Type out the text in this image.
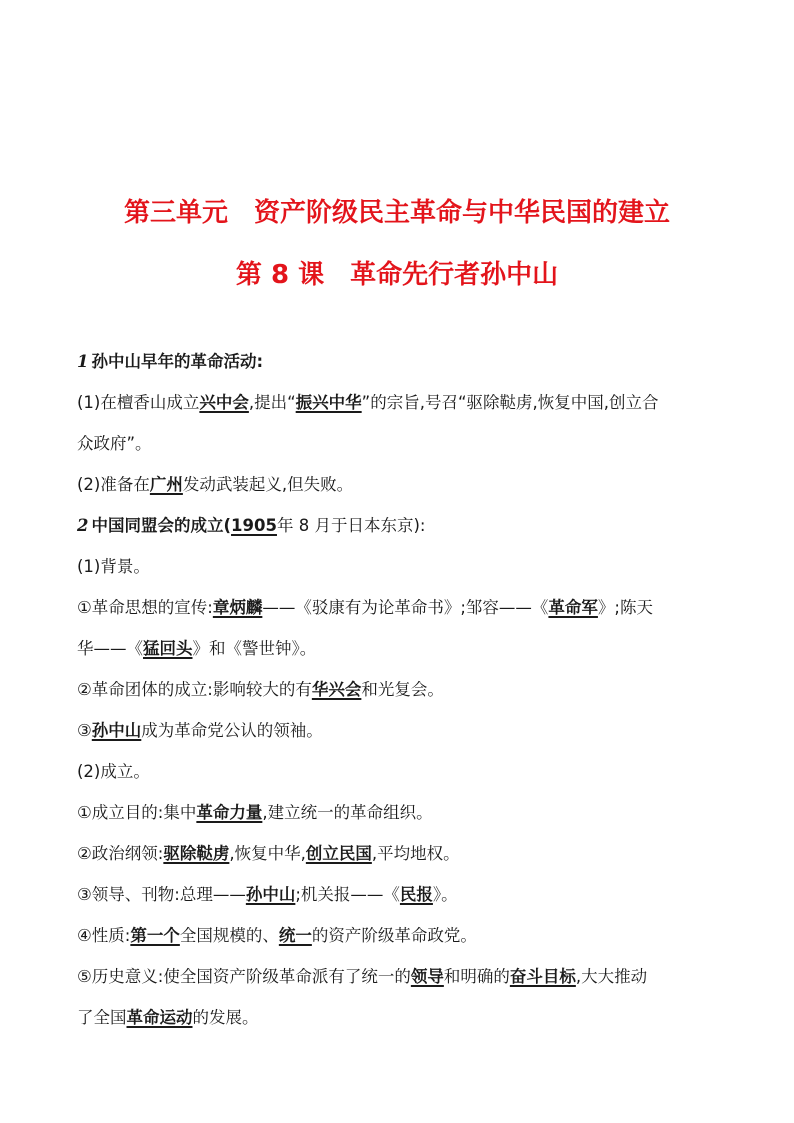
第三单元　资产阶级民主革命与中华民国的建立
第 8 课　革命先行者孙中山
1 孙中山早年的革命活动:
(1)在檀香山成立兴中会,提出“振兴中华”的宗旨,号召“驱除鞑虏,恢复中国,创立合
众政府”。
(2)准备在广州发动武装起义,但失败。
2 中国同盟会的成立(1905年 8 月于日本东京):
(1)背景。
①革命思想的宣传:章炳麟——《驳康有为论革命书》;邹容——《革命军》;陈天
华——《猛回头》和《警世钟》。
②革命团体的成立:影响较大的有华兴会和光复会。
③孙中山成为革命党公认的领袖。
(2)成立。
①成立目的:集中革命力量,建立统一的革命组织。
②政治纲领:驱除鞑虏,恢复中华,创立民国,平均地权。
③领导、刊物:总理——孙中山;机关报——《民报》。
④性质:第一个全国规模的、统一的资产阶级革命政党。
⑤历史意义:使全国资产阶级革命派有了统一的领导和明确的奋斗目标,大大推动
了全国革命运动的发展。
